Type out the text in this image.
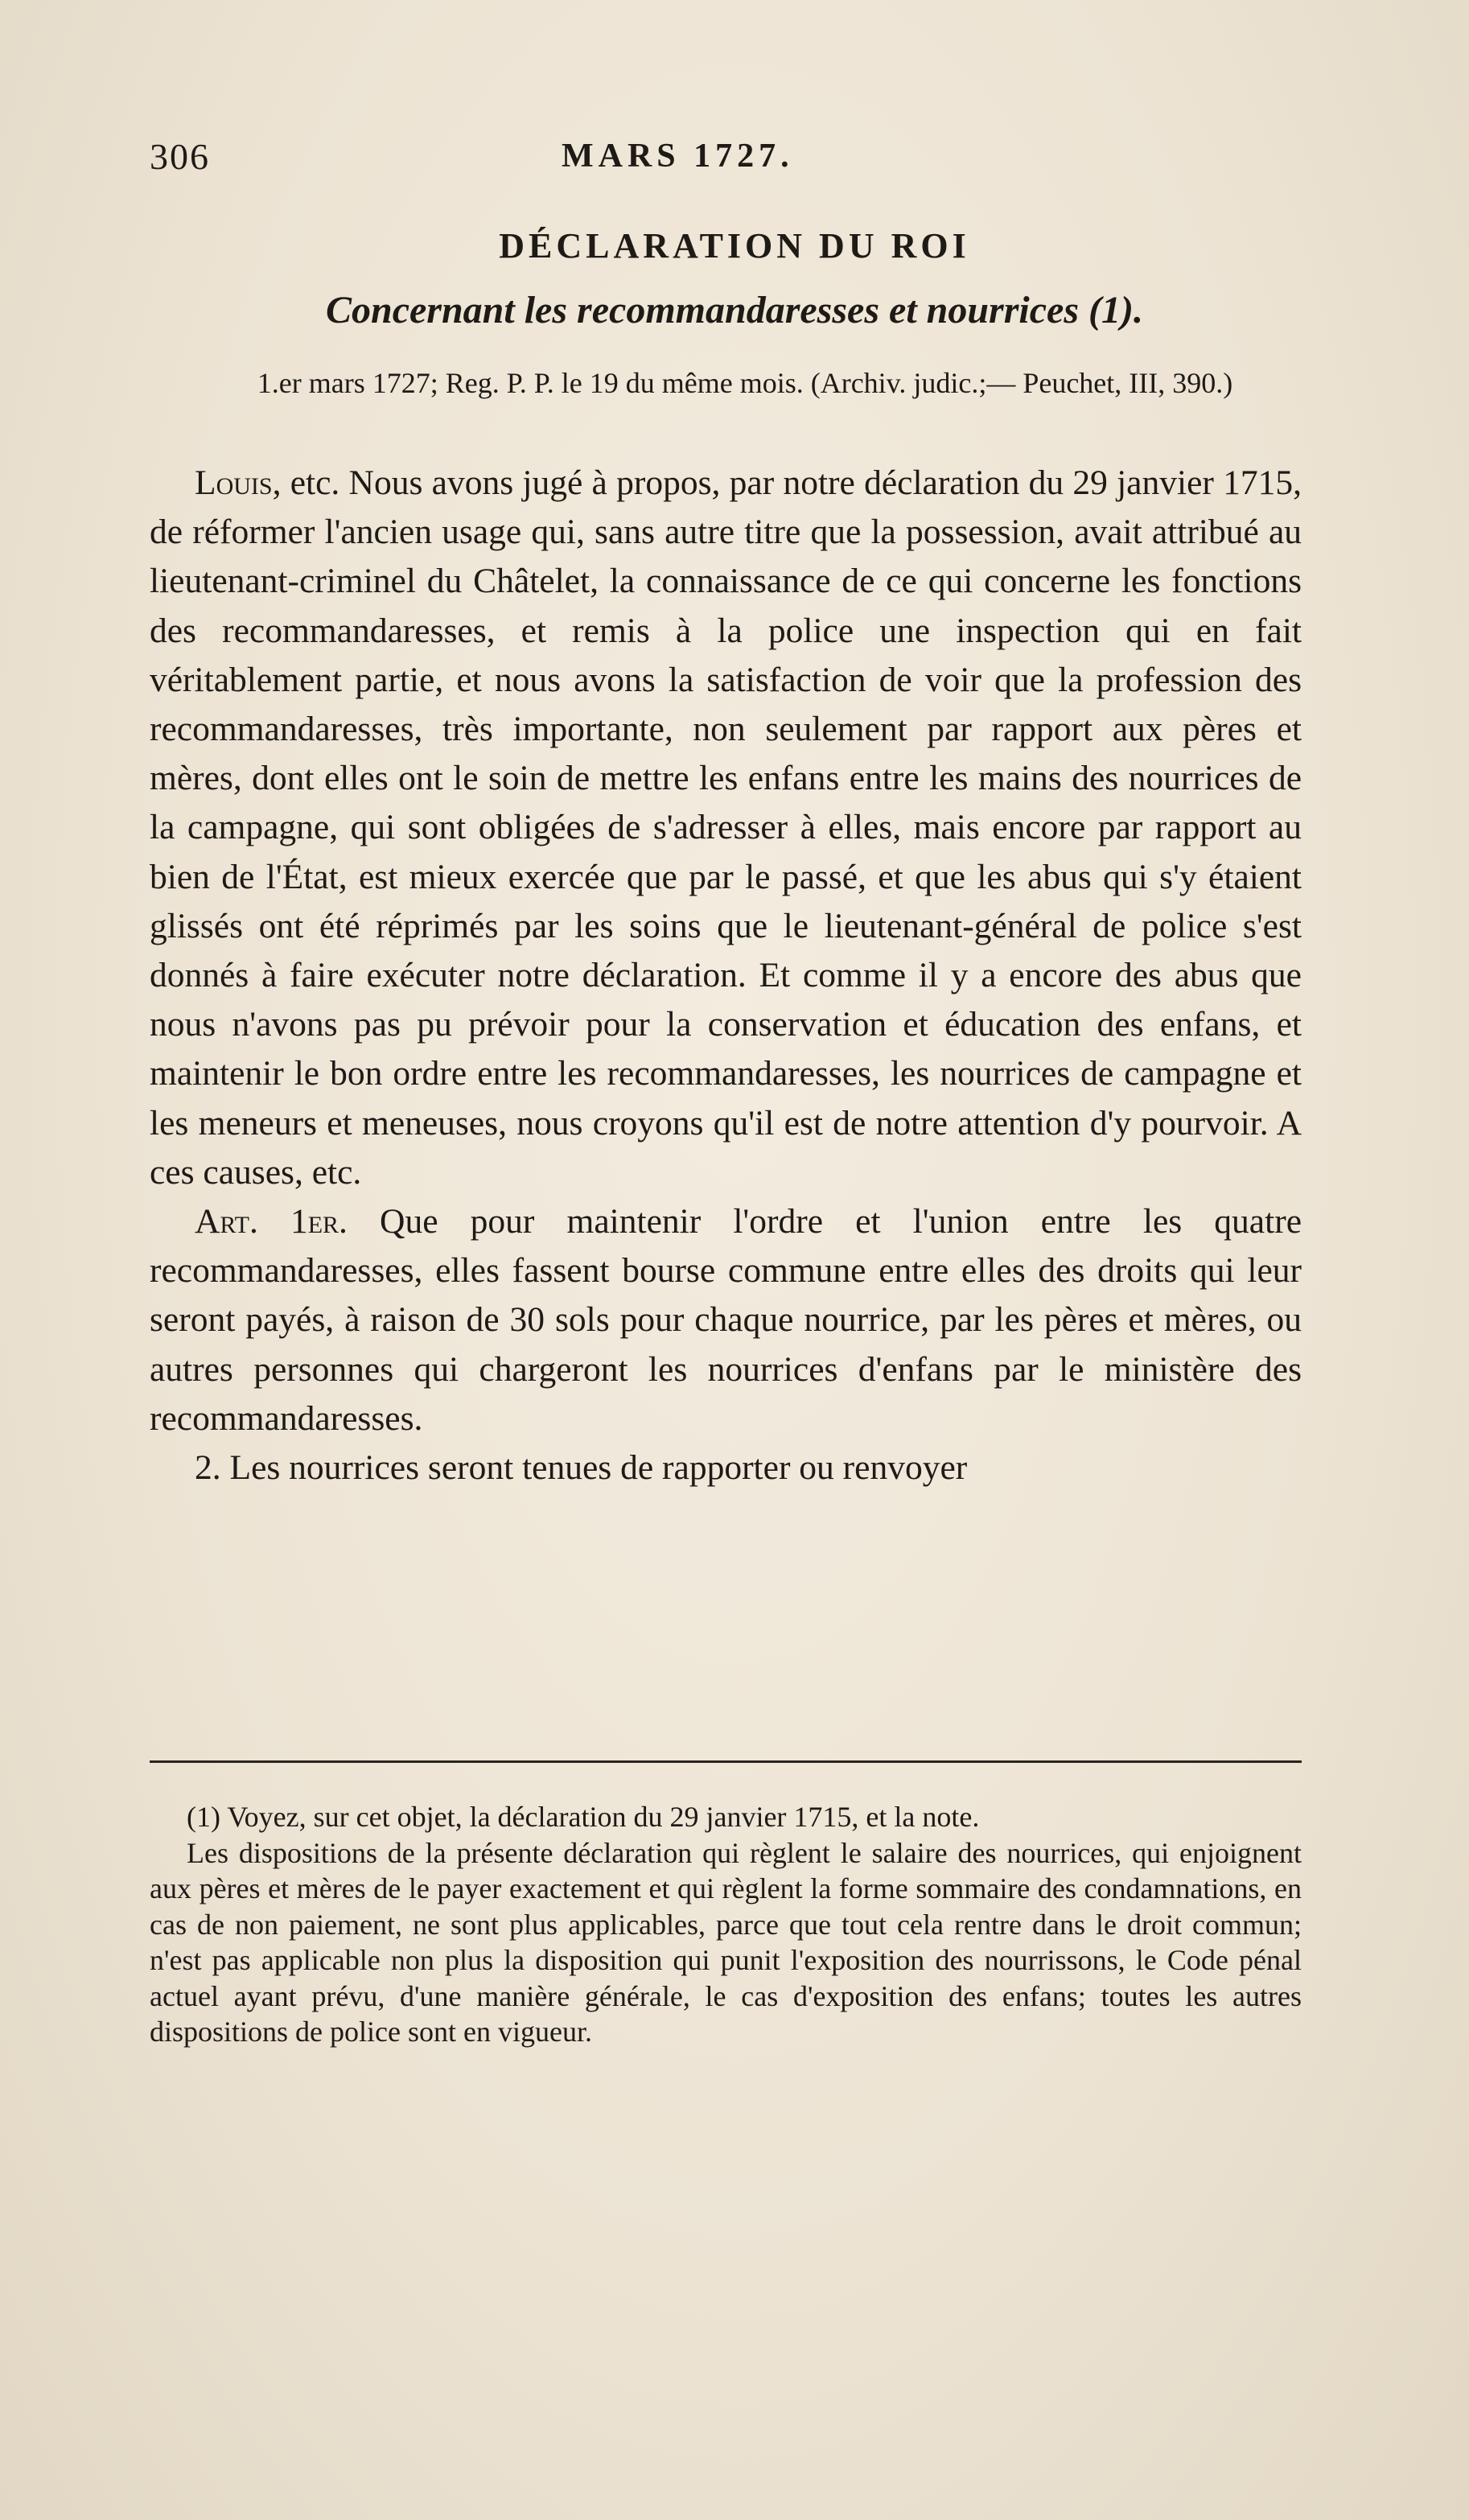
306	MARS 1727.
DÉCLARATION DU ROI
Concernant les recommandaresses et nourrices (1).
1.er mars 1727; Reg. P. P. le 19 du même mois. (Archiv. judic.;— Peuchet, III, 390.)

Louis, etc. Nous avons jugé à propos, par notre déclaration du 29 janvier 1715, de réformer l'ancien usage qui, sans autre titre que la possession, avait attribué au lieutenant-criminel du Châtelet, la connaissance de ce qui concerne les fonctions des recommandaresses, et remis à la police une inspection qui en fait véritablement partie, et nous avons la satisfaction de voir que la profession des recommandaresses, très importante, non seulement par rapport aux pères et mères, dont elles ont le soin de mettre les enfans entre les mains des nourrices de la campagne, qui sont obligées de s'adresser à elles, mais encore par rapport au bien de l'État, est mieux exercée que par le passé, et que les abus qui s'y étaient glissés ont été réprimés par les soins que le lieutenant-général de police s'est donnés à faire exécuter notre déclaration. Et comme il y a encore des abus que nous n'avons pas pu prévoir pour la conservation et éducation des enfans, et maintenir le bon ordre entre les recommandaresses, les nourrices de campagne et les meneurs et meneuses, nous croyons qu'il est de notre attention d'y pourvoir. A ces causes, etc.

Art. 1er. Que pour maintenir l'ordre et l'union entre les quatre recommandaresses, elles fassent bourse commune entre elles des droits qui leur seront payés, à raison de 30 sols pour chaque nourrice, par les pères et mères, ou autres personnes qui chargeront les nourrices d'enfans par le ministère des recommandaresses.

2. Les nourrices seront tenues de rapporter ou renvoyer

(1) Voyez, sur cet objet, la déclaration du 29 janvier 1715, et la note.

Les dispositions de la présente déclaration qui règlent le salaire des nourrices, qui enjoignent aux pères et mères de le payer exactement et qui règlent la forme sommaire des condamnations, en cas de non paiement, ne sont plus applicables, parce que tout cela rentre dans le droit commun; n'est pas applicable non plus la disposition qui punit l'exposition des nourrissons, le Code pénal actuel ayant prévu, d'une manière générale, le cas d'exposition des enfans; toutes les autres dispositions de police sont en vigueur.
